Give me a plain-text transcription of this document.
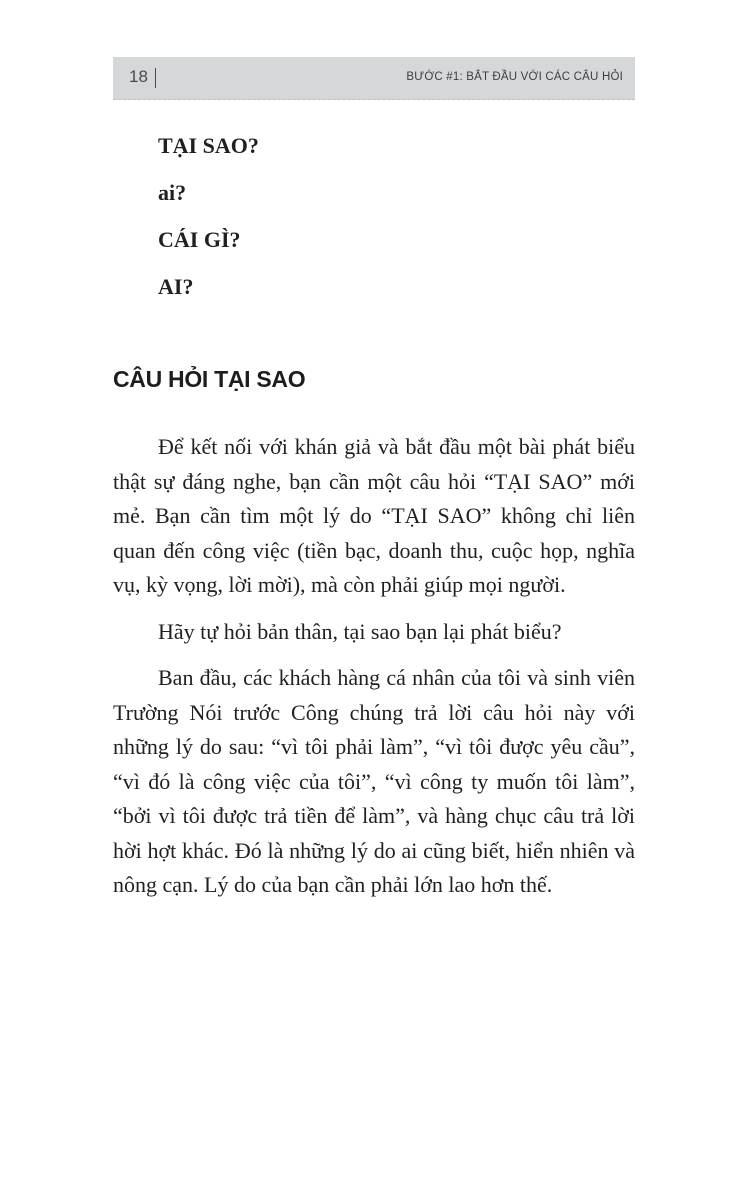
18	BƯỚC #1: BẮT ĐẦU VỚI CÁC CÂU HỎI
TẠI SAO?
ai?
CÁI GÌ?
AI?
CÂU HỎI TẠI SAO

Để kết nối với khán giả và bắt đầu một bài phát biểu thật sự đáng nghe, bạn cần một câu hỏi “TẠI SAO” mới mẻ. Bạn cần tìm một lý do “TẠI SAO” không chỉ liên quan đến công việc (tiền bạc, doanh thu, cuộc họp, nghĩa vụ, kỳ vọng, lời mời), mà còn phải giúp mọi người.

Hãy tự hỏi bản thân, tại sao bạn lại phát biểu?

Ban đầu, các khách hàng cá nhân của tôi và sinh viên Trường Nói trước Công chúng trả lời câu hỏi này với những lý do sau: “vì tôi phải làm”, “vì tôi được yêu cầu”, “vì đó là công việc của tôi”, “vì công ty muốn tôi làm”, “bởi vì tôi được trả tiền để làm”, và hàng chục câu trả lời hời hợt khác. Đó là những lý do ai cũng biết, hiển nhiên và nông cạn. Lý do của bạn cần phải lớn lao hơn thế.
